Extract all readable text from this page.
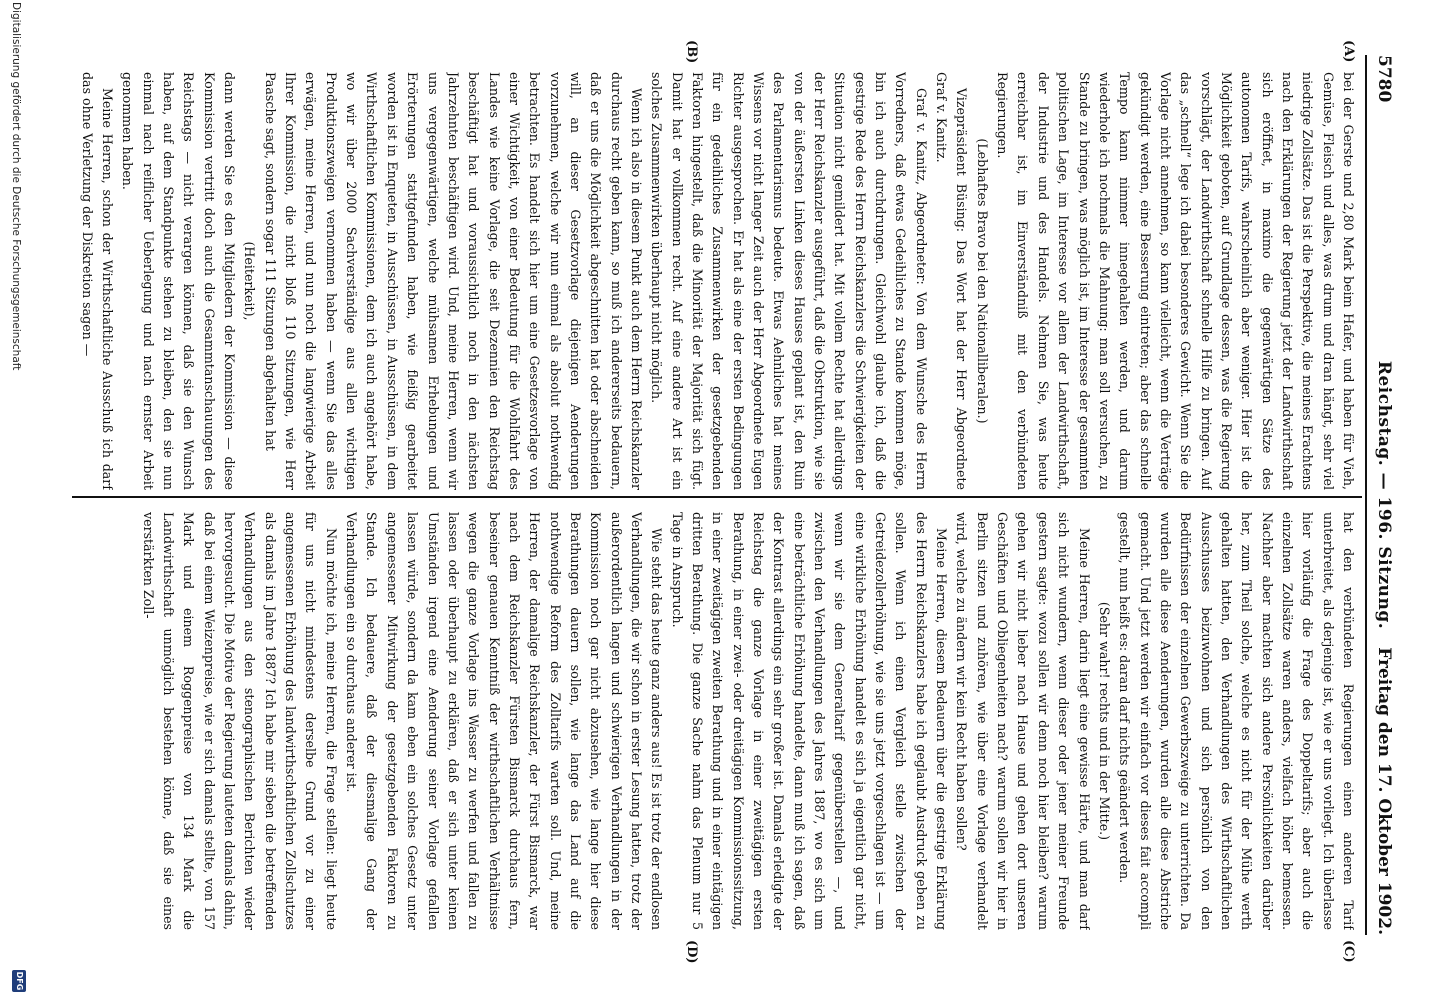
5780
Reichstag. — 196. Sitzung.
Freitag den 17. Oktober 1902.
(A)
(B)
(C)
(D)

bei der Gerste und 2,80 Mark beim Hafer, und haben für Vieh, Gemüse, Fleisch und alles, was drum und dran hängt, sehr viel niedrige Zollsätze. Das ist die Perspektive, die meines Erachtens nach den Erklärungen der Regierung jetzt der Landwirthschaft sich eröffnet, in maximo die gegenwärtigen Sätze des autonomen Tarifs, wahrscheinlich aber weniger. Hier ist die Möglichkeit geboten, auf Grundlage dessen, was die Regierung vorschlägt, der Landwirthschaft schnelle Hilfe zu bringen. Auf das „schnell“ lege ich dabei besonderes Gewicht. Wenn Sie die Vorlage nicht annehmen, so kann vielleicht, wenn die Verträge gekündigt werden, eine Besserung eintreten; aber das schnelle Tempo kann nimmer innegehalten werden, und darum wiederhole ich nochmals die Mahnung: man soll versuchen, zu Stande zu bringen, was möglich ist, im Interesse der gesammten politischen Lage, im Interesse vor allem der Landwirthschaft, der Industrie und des Handels. Nehmen Sie, was heute erreichbar ist, im Einverständniß mit den verbündeten Regierungen.

(Lebhaftes Bravo bei den Nationalliberalen.)

Vizepräsident Büsing: Das Wort hat der Herr Abgeordnete Graf v. Kanitz.

Graf v. Kanitz, Abgeordneter: Von dem Wunsche des Herrn Vorredners, daß etwas Gedeihliches zu Stande kommen möge, bin ich auch durchdrungen. Gleichwohl glaube ich, daß die gestrige Rede des Herrn Reichskanzlers die Schwierigkeiten der Situation nicht gemildert hat. Mit vollem Rechte hat allerdings der Herr Reichskanzler ausgeführt, daß die Obstruktion, wie sie von der äußersten Linken dieses Hauses geplant ist, den Ruin des Parlamentarismus bedeute. Etwas Aehnliches hat meines Wissens vor nicht langer Zeit auch der Herr Abgeordnete Eugen Richter ausgesprochen. Er hat als eine der ersten Bedingungen für ein gedeihliches Zusammenwirken der gesetzgebenden Faktoren hingestellt, daß die Minorität der Majorität sich fügt. Damit hat er vollkommen recht. Auf eine andere Art ist ein solches Zusammenwirken überhaupt nicht möglich.

Wenn ich also in diesem Punkt auch dem Herrn Reichskanzler durchaus recht geben kann, so muß ich andererseits bedauern, daß er uns die Möglichkeit abgeschnitten hat oder abschneiden will, an dieser Gesetzvorlage diejenigen Aenderungen vorzunehmen, welche wir nun einmal als absolut nothwendig betrachten. Es handelt sich hier um eine Gesetzesvorlage von einer Wichtigkeit, von einer Bedeutung für die Wohlfahrt des Landes wie keine Vorlage, die seit Dezennien den Reichstag beschäftigt hat und voraussichtlich noch in den nächsten Jahrzehnten beschäftigen wird. Und, meine Herren, wenn wir uns vergegenwärtigen, welche mühsamen Erhebungen und Erörterungen stattgefunden haben, wie fleißig gearbeitet worden ist in Enqueten, in Ausschüssen, in Ausschüssen, in dem Wirthschaftlichen Kommissionen, dem ich auch angehört habe, wo wir über 2000 Sachverständige aus allen wichtigen Produktionszweigen vernommen haben — wenn Sie das alles erwägen, meine Herren, und nun noch die langwierige Arbeit Ihrer Kommission, die nicht bloß 110 Sitzungen, wie Herr Paasche sagt, sondern sogar 111 Sitzungen abgehalten hat

(Heiterkeit),

dann werden Sie es den Mitgliedern der Kommission — diese Kommission vertritt doch auch die Gesammtanschauungen des Reichstags — nicht verargen können, daß sie den Wunsch haben, auf dem Standpunkte stehen zu bleiben, den sie nun einmal nach reiflicher Ueberlegung und nach ernster Arbeit genommen haben.

Meine Herren, schon der Wirthschaftliche Ausschuß ich darf das ohne Verletzung der Diskretion sagen —

hat den verbündeten Regierungen einen anderen Tarif unterbreitet, als derjenige ist, wie er uns vorliegt. Ich überlasse hier vorläufig die Frage des Doppeltarifs; aber auch die einzelnen Zollsätze waren anders, vielfach höher bemessen. Nachher aber machten sich andere Persönlichkeiten darüber her, zum Theil solche, welche es nicht für der Mühe werth gehalten hatten, den Verhandlungen des Wirthschaftlichen Ausschusses beizuwohnen und sich persönlich von den Bedürfnissen der einzelnen Gewerbszweige zu unterrichten. Da wurden alle diese Aenderungen, wurden alle diese Abstriche gemacht. Und jetzt werden wir einfach vor dieses fait accompli gestellt, nun heißt es: daran darf nichts geändert werden.

(Sehr wahr! rechts und in der Mitte.)

Meine Herren, darin liegt eine gewisse Härte, und man darf sich nicht wundern, wenn dieser oder jener meiner Freunde gestern sagte: wozu sollen wir denn noch hier bleiben? warum gehen wir nicht lieber nach Hause und gehen dort unseren Geschäften und Obliegenheiten nach? warum sollen wir hier in Berlin sitzen und zuhören, wie über eine Vorlage verhandelt wird, welche zu ändern wir kein Recht haben sollen?

Meine Herren, diesem Bedauern über die gestrige Erklärung des Herrn Reichskanzlers habe ich geglaubt Ausdruck geben zu sollen. Wenn ich einen Vergleich stelle zwischen der Getreidezollerhöhung, wie sie uns jetzt vorgeschlagen ist — um eine wirkliche Erhöhung handelt es sich ja eigentlich gar nicht, wenn wir sie dem Generaltarif gegenüberstellen —, und zwischen den Verhandlungen des Jahres 1887, wo es sich um eine beträchtliche Erhöhung handelte, dann muß ich sagen, daß der Kontrast allerdings ein sehr großer ist. Damals erledigte der Reichstag die ganze Vorlage in einer zweitägigen ersten Berathung, in einer zwei- oder dreitägigen Kommissionssitzung, in einer zweitägigen zweiten Berathung und in einer eintägigen dritten Berathung. Die ganze Sache nahm das Plenum nur 5 Tage in Anspruch.

Wie steht das heute ganz anders aus! Es ist trotz der endlosen Verhandlungen, die wir schon in erster Lesung hatten, trotz der außerordentlich langen und schwierigen Verhandlungen in der Kommission noch gar nicht abzusehen, wie lange hier diese Berathungen dauern sollen, wie lange das Land auf die nothwendige Reform des Zolltarifs warten soll. Und, meine Herren, der damalige Reichskanzler, der Fürst Bismarck, war nach dem Reichskanzler Fürsten Bismarck durchaus fern, beseiner genauen Kenntniß der wirthschaftlichen Verhältnisse wegen die ganze Vorlage ins Wasser zu werfen und fallen zu lassen oder überhaupt zu erklären, daß er sich unter keinen Umständen irgend eine Aenderung seiner Vorlage gefallen lassen würde, sondern da kam eben ein solches Gesetz unter angemessener Mitwirkung der gesetzgebenden Faktoren zu Stande. Ich bedauere, daß der diesmalige Gang der Verhandlungen ein so durchaus anderer ist.

Nun möchte ich, meine Herren, die Frage stellen: liegt heute für uns nicht mindestens derselbe Grund vor zu einer angemessenen Erhöhung des landwirthschaftlichen Zollschutzes als damals im Jahre 1887? Ich habe mir sieben die betreffenden Verhandlungen aus den stenographischen Berichten wieder hervorgesucht. Die Motive der Regierung lauteten damals dahin, daß bei einem Weizenpreise, wie er sich damals stellte, von 157 Mark und einem Roggenpreise von 134 Mark die Landwirthschaft unmöglich bestehen könne, daß sie eines verstärkten Zoll-

Digitalisierung gefördert durch die Deutsche Forschungsgemeinschaft
DFG
